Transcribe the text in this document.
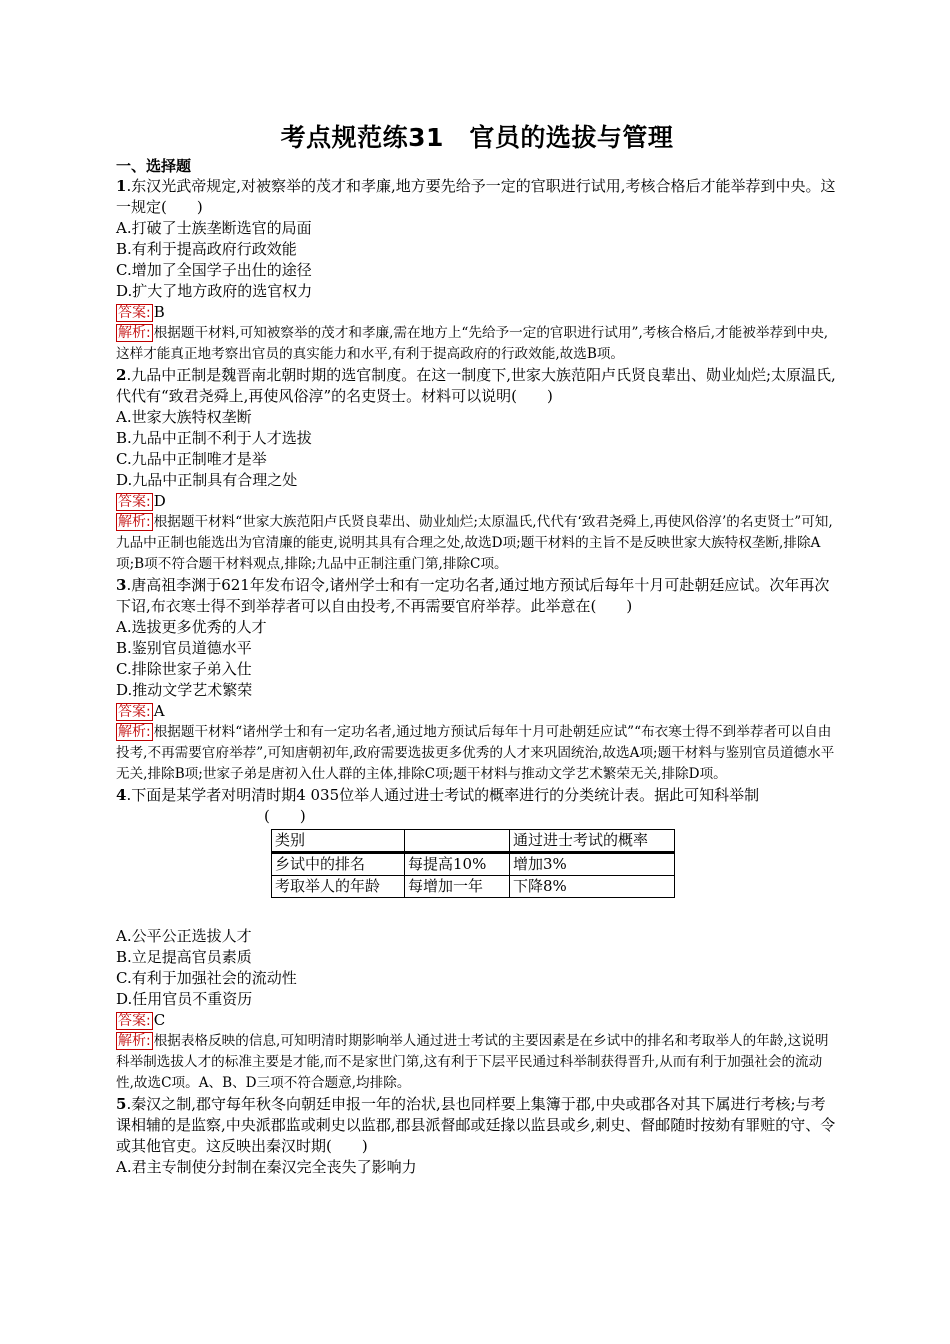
考点规范练31　官员的选拔与管理
一、选择题
1.东汉光武帝规定,对被察举的茂才和孝廉,地方要先给予一定的官职进行试用,考核合格后才能举荐到中央。这一规定(　　)
A.打破了士族垄断选官的局面
B.有利于提高政府行政效能
C.增加了全国学子出仕的途径
D.扩大了地方政府的选官权力
答案: B
解析: 根据题干材料,可知被察举的茂才和孝廉,需在地方上“先给予一定的官职进行试用”,考核合格后,才能被举荐到中央,这样才能真正地考察出官员的真实能力和水平,有利于提高政府的行政效能,故选B项。
2.九品中正制是魏晋南北朝时期的选官制度。在这一制度下,世家大族范阳卢氏贤良辈出、勋业灿烂;太原温氏,代代有“致君尧舜上,再使风俗淳”的名吏贤士。材料可以说明(　　)
A.世家大族特权垄断
B.九品中正制不利于人才选拔
C.九品中正制唯才是举
D.九品中正制具有合理之处
答案: D
解析: 根据题干材料“世家大族范阳卢氏贤良辈出、勋业灿烂;太原温氏,代代有‘致君尧舜上,再使风俗淳’的名吏贤士”可知,九品中正制也能选出为官清廉的能吏,说明其具有合理之处,故选D项;题干材料的主旨不是反映世家大族特权垄断,排除A项;B项不符合题干材料观点,排除;九品中正制注重门第,排除C项。
3.唐高祖李渊于621年发布诏令,诸州学士和有一定功名者,通过地方预试后每年十月可赴朝廷应试。次年再次下诏,布衣寒士得不到举荐者可以自由投考,不再需要官府举荐。此举意在(　　)
A.选拔更多优秀的人才
B.鉴别官员道德水平
C.排除世家子弟入仕
D.推动文学艺术繁荣
答案: A
解析: 根据题干材料“诸州学士和有一定功名者,通过地方预试后每年十月可赴朝廷应试”“布衣寒士得不到举荐者可以自由投考,不再需要官府举荐”,可知唐朝初年,政府需要选拔更多优秀的人才来巩固统治,故选A项;题干材料与鉴别官员道德水平无关,排除B项;世家子弟是唐初入仕人群的主体,排除C项;题干材料与推动文学艺术繁荣无关,排除D项。
4.下面是某学者对明清时期4 035位举人通过进士考试的概率进行的分类统计表。据此可知科举制
(　　)
类别		通过进士考试的概率
乡试中的排名	每提高10%	增加3%
考取举人的年龄	每增加一年	下降8%
A.公平公正选拔人才
B.立足提高官员素质
C.有利于加强社会的流动性
D.任用官员不重资历
答案: C
解析: 根据表格反映的信息,可知明清时期影响举人通过进士考试的主要因素是在乡试中的排名和考取举人的年龄,这说明科举制选拔人才的标准主要是才能,而不是家世门第,这有利于下层平民通过科举制获得晋升,从而有利于加强社会的流动性,故选C项。A、B、D三项不符合题意,均排除。
5.秦汉之制,郡守每年秋冬向朝廷申报一年的治状,县也同样要上集簿于郡,中央或郡各对其下属进行考核;与考课相辅的是监察,中央派郡监或刺史以监郡,郡县派督邮或廷掾以监县或乡,刺史、督邮随时按劾有罪赃的守、令或其他官吏。这反映出秦汉时期(　　)
A.君主专制使分封制在秦汉完全丧失了影响力
